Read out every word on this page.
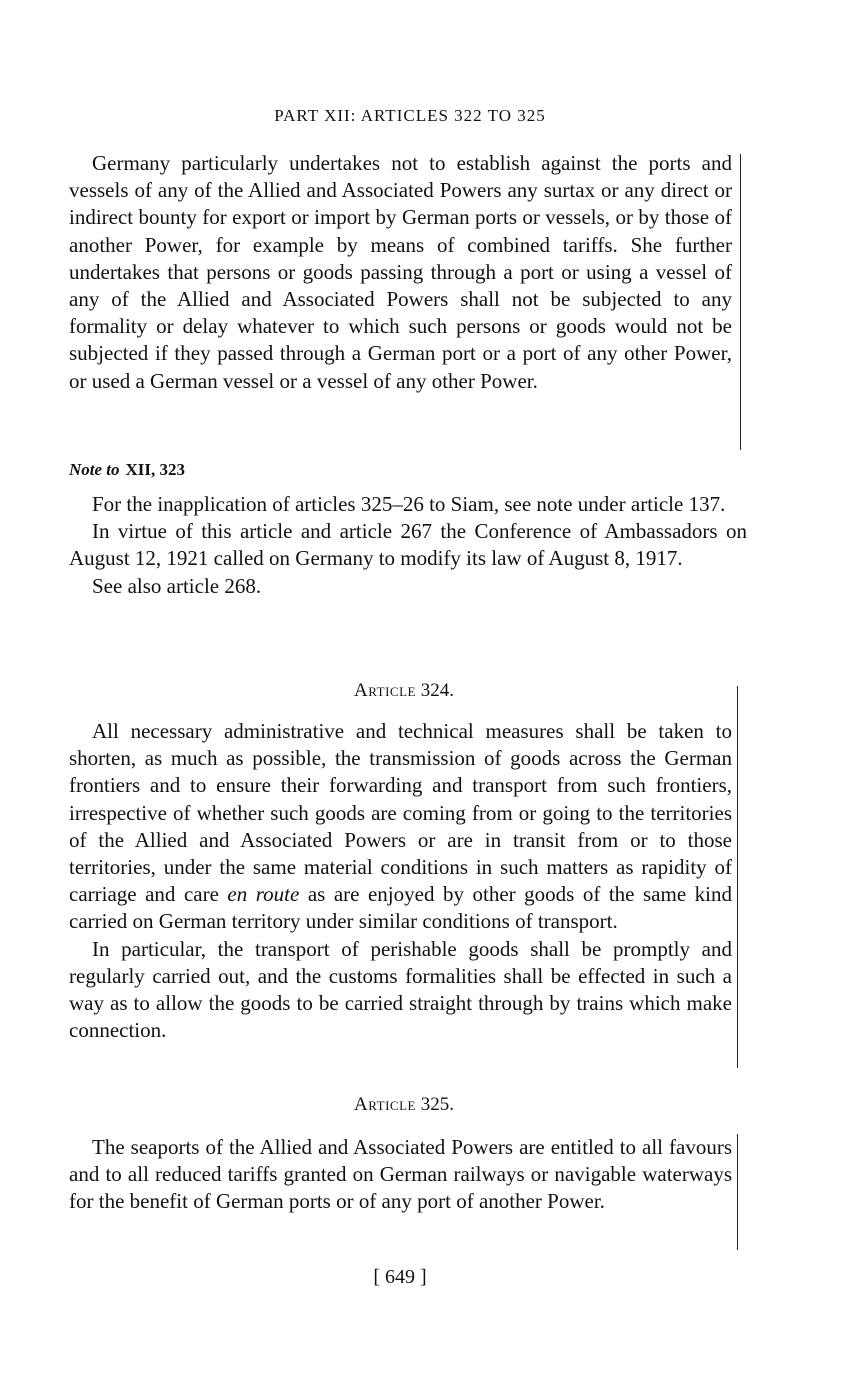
PART XII: ARTICLES 322 TO 325

Germany particularly undertakes not to establish against the ports and vessels of any of the Allied and Associated Powers any surtax or any direct or indirect bounty for export or import by German ports or vessels, or by those of another Power, for example by means of combined tariffs. She further undertakes that persons or goods passing through a port or using a vessel of any of the Allied and Associated Powers shall not be subjected to any formality or delay whatever to which such persons or goods would not be subjected if they passed through a German port or a port of any other Power, or used a German vessel or a vessel of any other Power.

Note to XII, 323

For the inapplication of articles 325–26 to Siam, see note under article 137.

In virtue of this article and article 267 the Conference of Ambassadors on August 12, 1921 called on Germany to modify its law of August 8, 1917.

See also article 268.

Article 324.

All necessary administrative and technical measures shall be taken to shorten, as much as possible, the transmission of goods across the German frontiers and to ensure their forwarding and transport from such frontiers, irrespective of whether such goods are coming from or going to the territories of the Allied and Associated Powers or are in transit from or to those territories, under the same material conditions in such matters as rapidity of carriage and care en route as are enjoyed by other goods of the same kind carried on German territory under similar conditions of transport.

In particular, the transport of perishable goods shall be promptly and regularly carried out, and the customs formalities shall be effected in such a way as to allow the goods to be carried straight through by trains which make connection.

Article 325.

The seaports of the Allied and Associated Powers are entitled to all favours and to all reduced tariffs granted on German railways or navigable waterways for the benefit of German ports or of any port of another Power.

[ 649 ]
